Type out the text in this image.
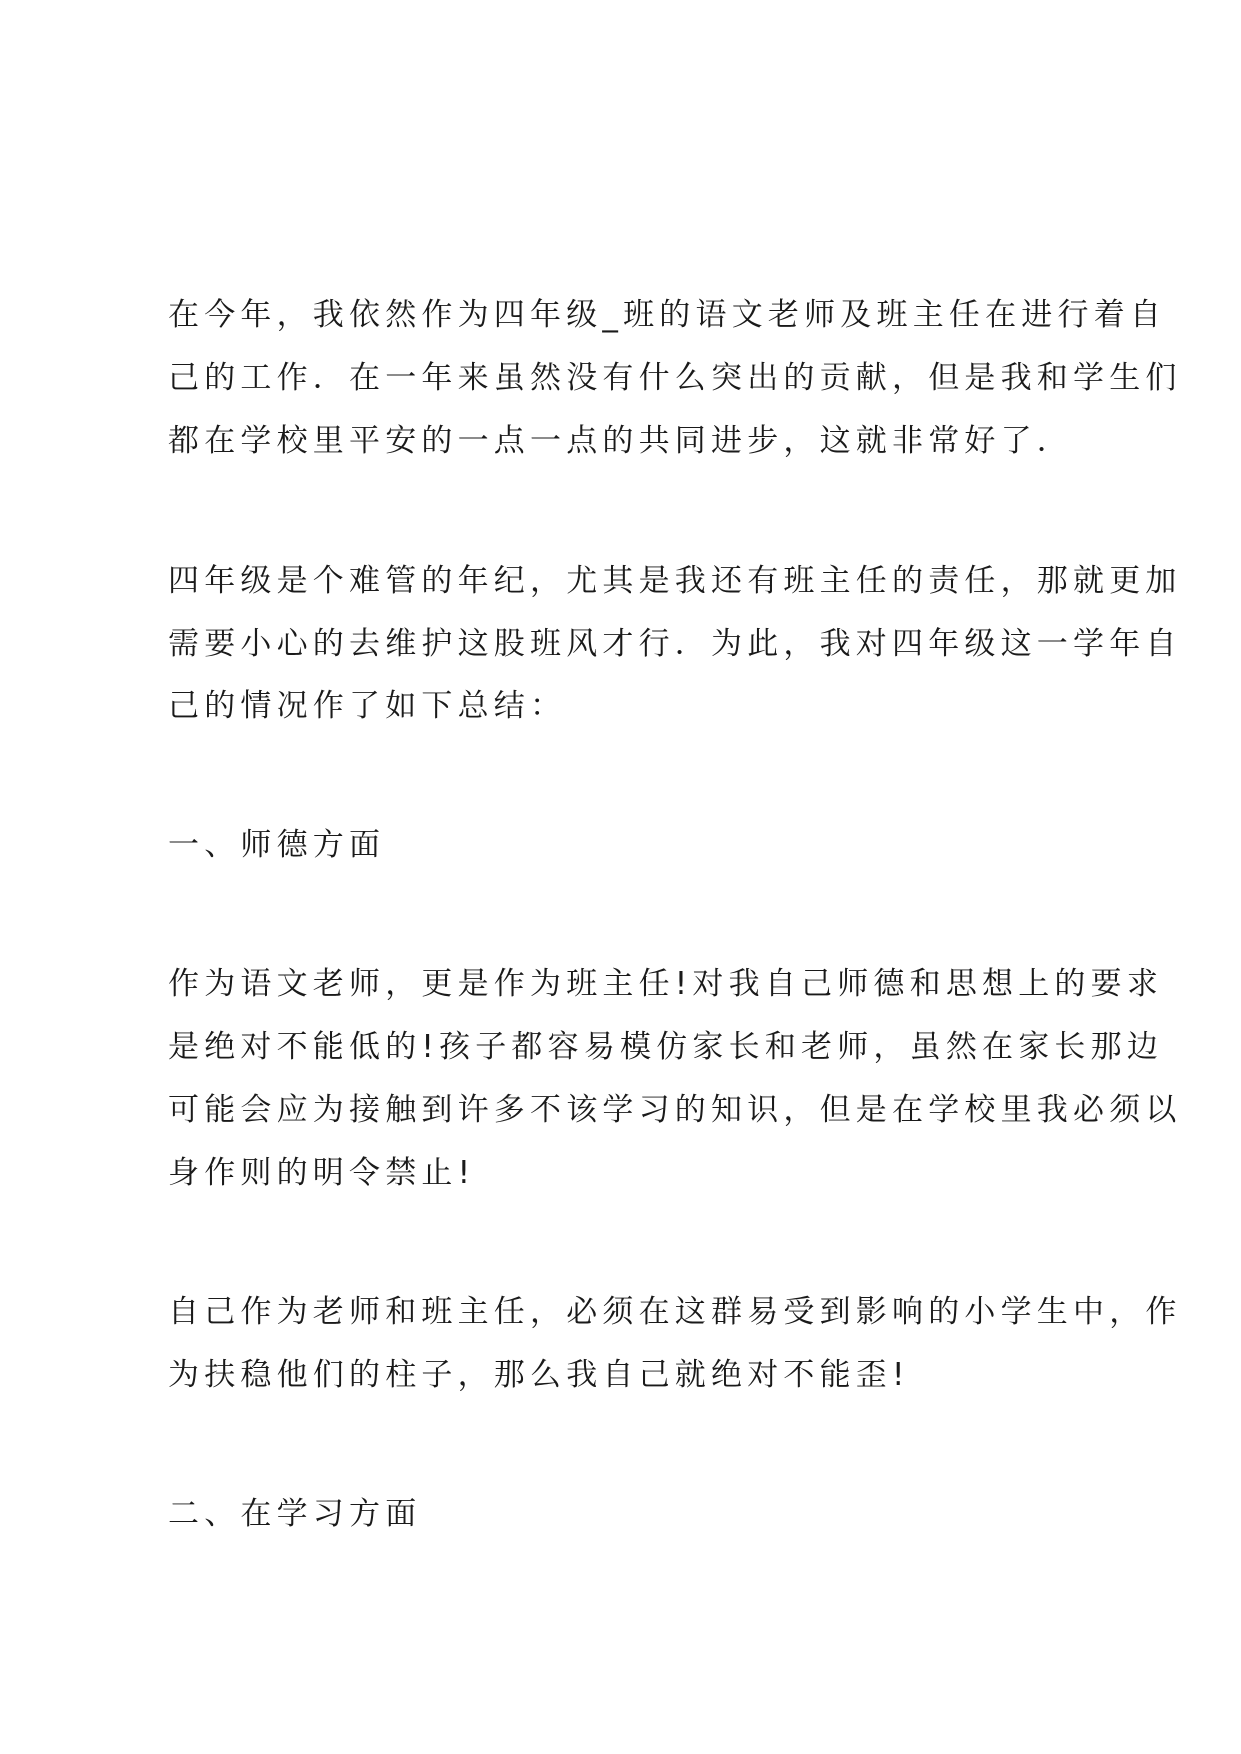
在今年，我依然作为四年级_班的语文老师及班主任在进行着自

己的工作．在一年来虽然没有什么突出的贡献，但是我和学生们

都在学校里平安的一点一点的共同进步，这就非常好了．

四年级是个难管的年纪，尤其是我还有班主任的责任，那就更加

需要小心的去维护这股班风才行．为此，我对四年级这一学年自

己的情况作了如下总结：

一、师德方面

作为语文老师，更是作为班主任!对我自己师德和思想上的要求

是绝对不能低的!孩子都容易模仿家长和老师，虽然在家长那边

可能会应为接触到许多不该学习的知识，但是在学校里我必须以

身作则的明令禁止!

自己作为老师和班主任，必须在这群易受到影响的小学生中，作

为扶稳他们的柱子，那么我自己就绝对不能歪!

二、在学习方面
